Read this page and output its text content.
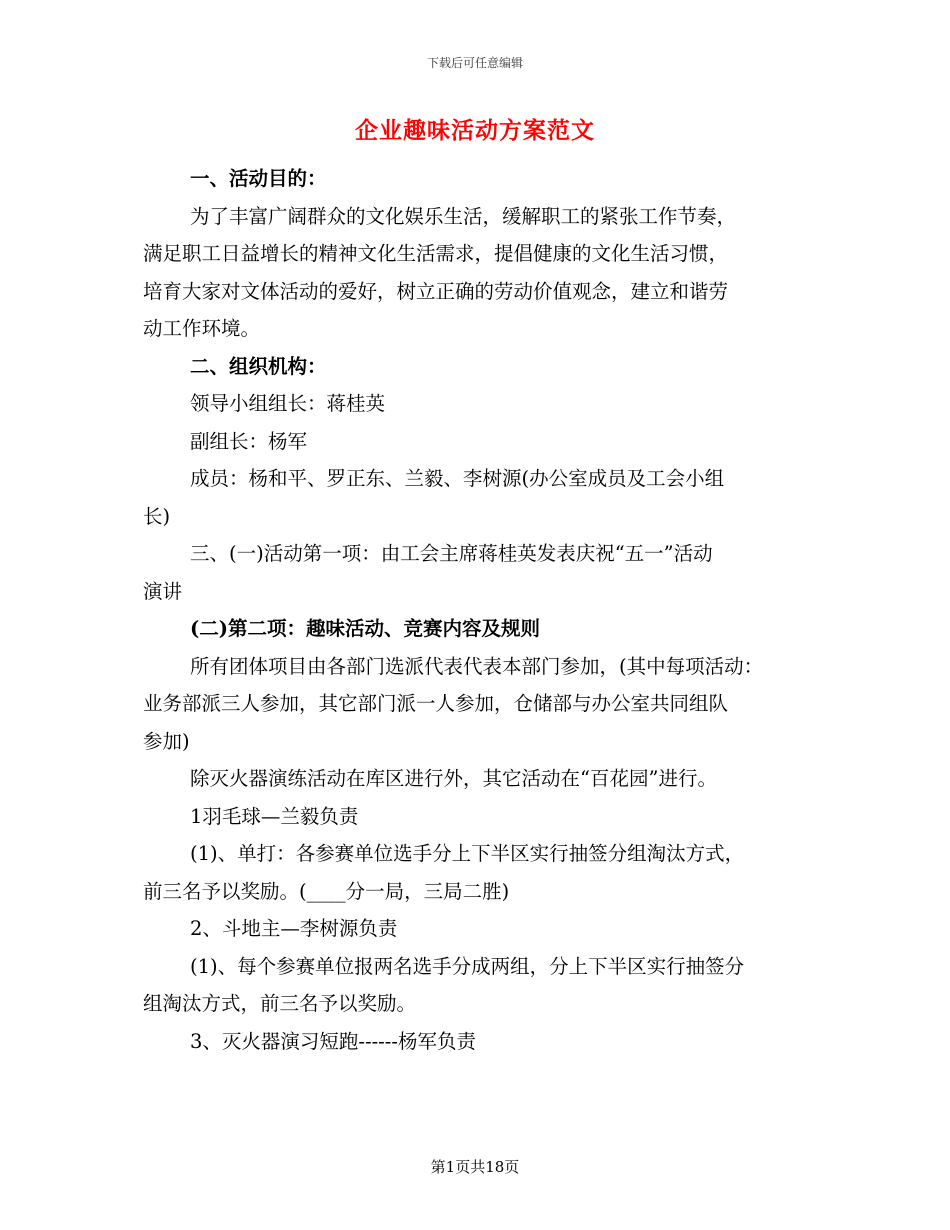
下载后可任意编辑
企业趣味活动方案范文
一、活动目的：
为了丰富广阔群众的文化娱乐生活，缓解职工的紧张工作节奏，
满足职工日益增长的精神文化生活需求，提倡健康的文化生活习惯，
培育大家对文体活动的爱好，树立正确的劳动价值观念，建立和谐劳
动工作环境。
二、组织机构：
领导小组组长：蒋桂英
副组长：杨军
成员：杨和平、罗正东、兰毅、李树源(办公室成员及工会小组
长)
三、(一)活动第一项：由工会主席蒋桂英发表庆祝“五一”活动
演讲
(二)第二项：趣味活动、竞赛内容及规则
所有团体项目由各部门选派代表代表本部门参加，(其中每项活动：
业务部派三人参加，其它部门派一人参加，仓储部与办公室共同组队
参加)
除灭火器演练活动在库区进行外，其它活动在“百花园”进行。
1羽毛球—兰毅负责
(1)、单打：各参赛单位选手分上下半区实行抽签分组淘汰方式，
前三名予以奖励。(____分一局，三局二胜)
2、斗地主—李树源负责
(1)、每个参赛单位报两名选手分成两组，分上下半区实行抽签分
组淘汰方式，前三名予以奖励。
3、灭火器演习短跑------杨军负责
第1页共18页
